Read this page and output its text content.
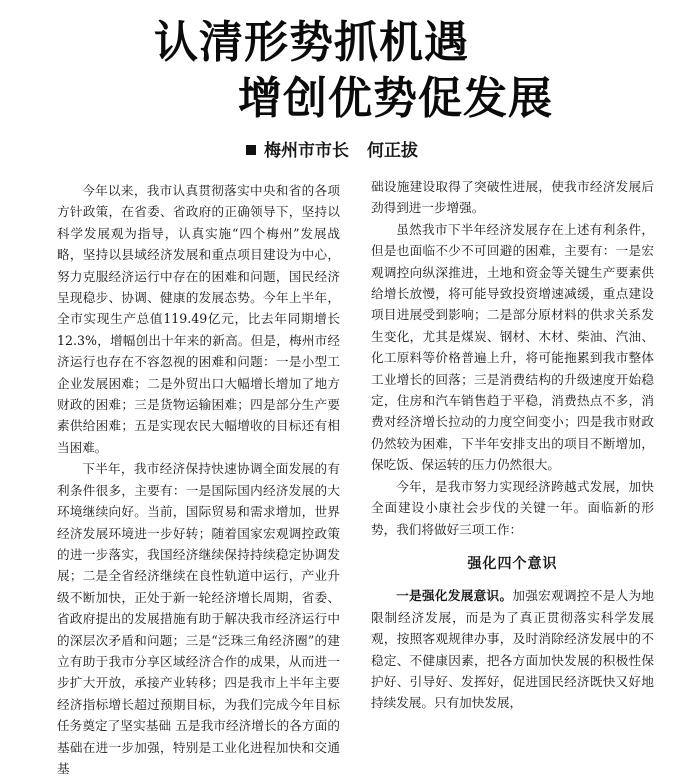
认清形势抓机遇
增创优势促发展
梅州市市长 何正拔

今年以来，我市认真贯彻落实中央和省的各项方针政策，在省委、省政府的正确领导下，坚持以科学发展观为指导，认真实施“四个梅州”发展战略，坚持以县域经济发展和重点项目建设为中心，努力克服经济运行中存在的困难和问题，国民经济呈现稳步、协调、健康的发展态势。今年上半年，全市实现生产总值119.49亿元，比去年同期增长12.3%，增幅创出十年来的新高。但是，梅州市经济运行也存在不容忽视的困难和问题：一是小型工企业发展困难；二是外贸出口大幅增长增加了地方财政的困难；三是货物运输困难；四是部分生产要素供给困难；五是实现农民大幅增收的目标还有相当困难。

下半年，我市经济保持快速协调全面发展的有利条件很多，主要有：一是国际国内经济发展的大环境继续向好。当前，国际贸易和需求增加，世界经济发展环境进一步好转；随着国家宏观调控政策的进一步落实，我国经济继续保持持续稳定协调发展；二是全省经济继续在良性轨道中运行，产业升级不断加快，正处于新一轮经济增长周期，省委、省政府提出的发展措施有助于解决我市经济运行中的深层次矛盾和问题；三是“泛珠三角经济圈”的建立有助于我市分享区域经济合作的成果，从而进一步扩大开放，承接产业转移；四是我市上半年主要经济指标增长超过预期目标，为我们完成今年目标任务奠定了坚实基础 五是我市经济增长的各方面的基础在进一步加强，特别是工业化进程加快和交通基

础设施建设取得了突破性进展，使我市经济发展后劲得到进一步增强。

虽然我市下半年经济发展存在上述有利条件，但是也面临不少不可回避的困难，主要有：一是宏观调控向纵深推进，土地和资金等关键生产要素供给增长放慢，将可能导致投资增速减缓，重点建设项目进展受到影响；二是部分原材料的供求关系发生变化，尤其是煤炭、钢材、木材、柴油、汽油、化工原料等价格普遍上升，将可能拖累到我市整体工业增长的回落；三是消费结构的升级速度开始稳定，住房和汽车销售趋于平稳，消费热点不多，消费对经济增长拉动的力度空间变小；四是我市财政仍然较为困难，下半年安排支出的项目不断增加，保吃饭、保运转的压力仍然很大。

今年，是我市努力实现经济跨越式发展，加快全面建设小康社会步伐的关键一年。面临新的形势，我们将做好三项工作：

强化四个意识

一是强化发展意识。加强宏观调控不是人为地限制经济发展，而是为了真正贯彻落实科学发展观，按照客观规律办事，及时消除经济发展中的不稳定、不健康因素，把各方面加快发展的积极性保护好、引导好、发挥好，促进国民经济既快又好地持续发展。只有加快发展，
